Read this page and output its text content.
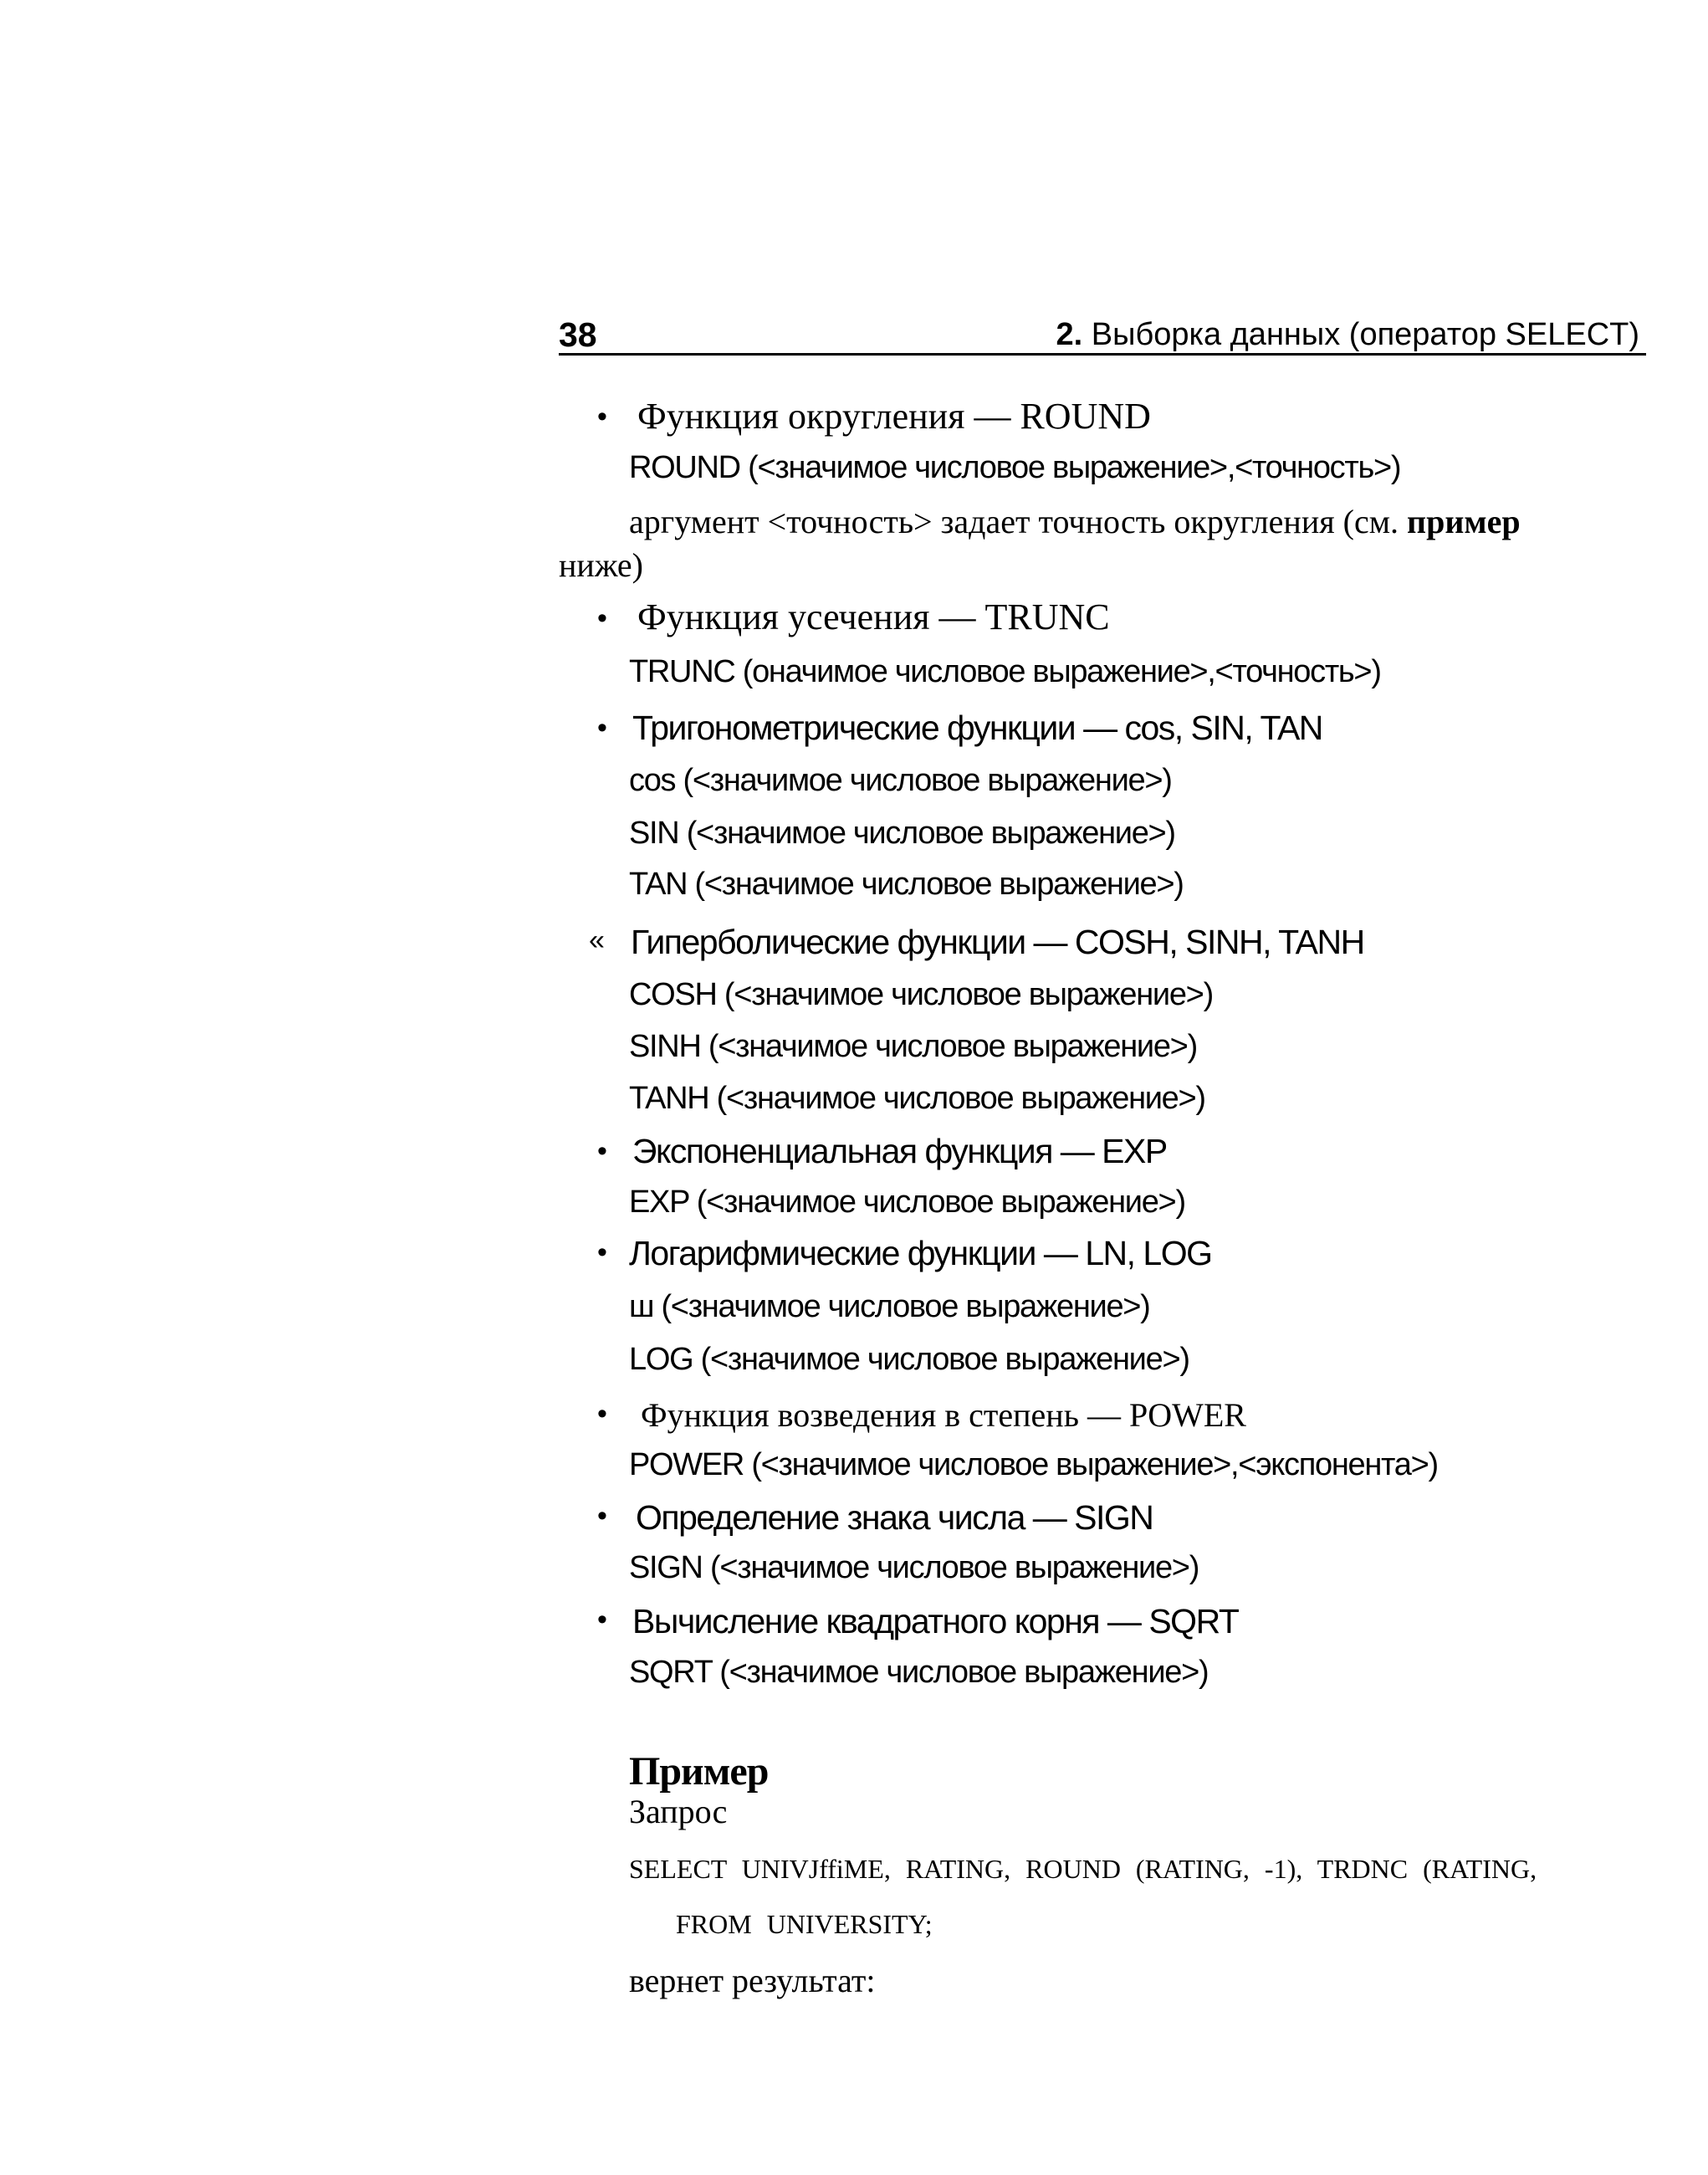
38	2. Выборка данных (оператор SELECT)
• Функция округления — ROUND
ROUND (<значимое числовое выражение>,<точность>)
аргумент <точность> задает точность округления (см. пример
ниже)
• Функция усечения — TRUNC
TRUNC (оначимое числовое выражение>,<точность>)
• Тригонометрические функции — cos, SIN, TAN
cos (<значимое числовое выражение>)
SIN (<значимое числовое выражение>)
TAN (<значимое числовое выражение>)
« Гиперболические функции — COSH, SINH, TANH
COSH (<значимое числовое выражение>)
SINH (<значимое числовое выражение>)
TANH (<значимое числовое выражение>)
• Экспоненциальная функция — EXP
EXP (<значимое числовое выражение>)
• Логарифмические функции — LN, LOG
ш (<значимое числовое выражение>)
LOG (<значимое числовое выражение>)
• Функция возведения в степень — POWER
POWER (<значимое числовое выражение>,<экспонента>)
• Определение знака числа — SIGN
SIGN (<значимое числовое выражение>)
• Вычисление квадратного корня — SQRT
SQRT (<значимое числовое выражение>)
Пример
Запрос
SELECT UNIVJffiME, RATING, ROUND (RATING, -1), TRDNC (RATING,
FROM UNIVERSITY;
вернет результат:
